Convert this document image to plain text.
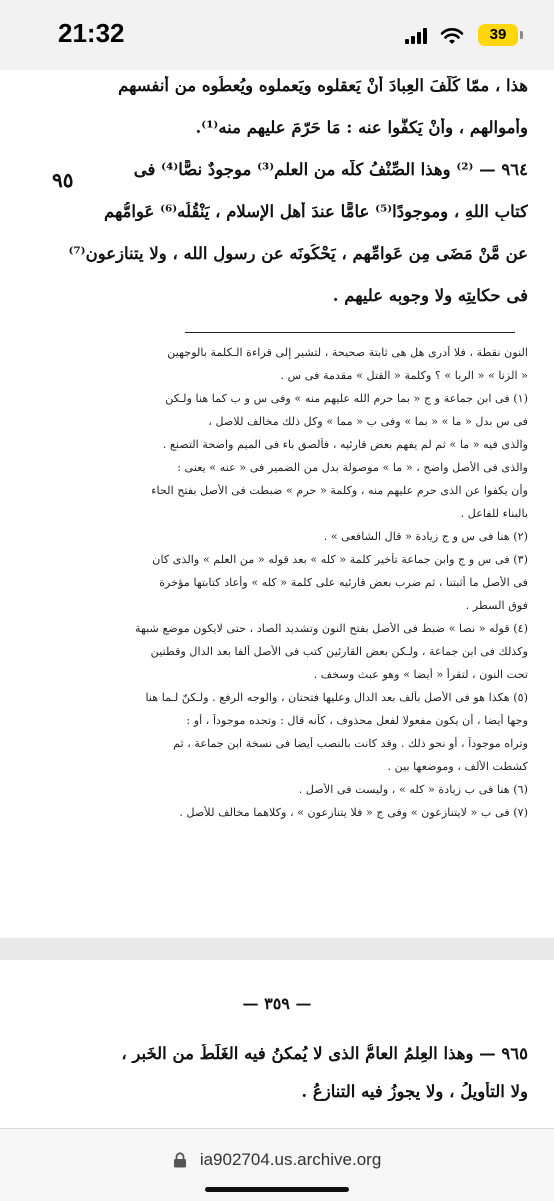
21:32	39
هذا ، ممّا كَلّفَ العِبادَ أنْ يَعقلوه ويَعملوه ويُعطُوه من أنفسهم
وأموالهم ، وأنْ يَكفُّوا عنه : مَا حَرّمَ عليهم منه⁽¹⁾.
٩٦٤ — ⁽²⁾ وهذا الصِّنْفُ كلُّه من العلم⁽³⁾ موجودٌ نصًّا⁽⁴⁾ فى
كتابِ اللهِ ، وموجودًا⁽⁵⁾ عامًّا عندَ أهلِ الإسلام ، يَنْقُلُه⁽⁶⁾ عَوامُّهم
عن مَّنْ مَضَى مِن عَوامِّهم ، يَحْكُونَه عن رسولِ الله ، ولا يتنازعون⁽⁷⁾
فى حكايتِه ولا وجوبِه عليهم .
٩٥
النون نقطة ، فلا أدرى هل هى ثابتة صحيحة ، لتشير إلى قراءة الـكلمة بالوجهين
« الزنا » « الربا » ؟ وكلمة « القتل » مقدمة فى س .
(١) فى ابن جماعة و ج « بما حرم الله عليهم منه » وفى س و ب كما هنا ولـكن
فى س بدل « ما » « بما » وفى ب « مما » وكل ذلك مخالف للاصل ،
والذى فيه « ما » ثم لم يفهم بعض قارئيه ، فألصق باء فى الميم واضحة التصنع .
والذى فى الأصل واضح ، « ما » موصولة بدل من الضمير فى « عنه » يعنى :
وأن يكفوا عن الذى حرم عليهم منه ، وكلمة « حرم » ضبطت فى الأصل بفتح الحاء
بالبناء للفاعل .
(٢) هنا فى س و ج زيادة « قال الشافعى » .
(٣) فى س و ج وابن جماعة تأخير كلمة « كله » بعد قوله « من العلم » والذى كان
فى الأصل ما أثبتنا ، ثم ضرب بعض قارئيه على كلمة « كله » وأعاد كتابتها مؤخرة
فوق السطر .
(٤) قوله « نصا » ضبط فى الأصل بفتح النون وتشديد الصاد ، حتى لايكون موضع شبهة
وكذلك فى ابن جماعة ، ولـكن بعض القارئين كتب فى الأصل ألفا بعد الدال وقطتين
تحت النون ، لتقرأ « أيضا » وهو عبث وسخف .
(٥) هكذا هو فى الأصل بألف بعد الدال وعليها فتحتان ، والوجه الرفع . ولـكنّ لـما هنا
وجها أيضا ، أن يكون مفعولا لفعل محذوف ، كأنه قال : وتجده موجوداً ، أو :
وتراه موجوداً ، أو نحو ذلك . وقد كانت بالنصب أيضا فى نسخة ابن جماعة ، ثم
كشطت الألف ، وموضعها بين .
(٦) هنا فى ب زيادة « كله » ، وليست فى الأصل .
(٧) فى ب « لايتنازعون » وفى ج « فلا يتنازعون » ، وكلاهما مخالف للأصل .
— ٣٥٩ —
٩٦٥ — وهذا العِلمُ العامُّ الذى لا يُمكنُ فيه الغَلَطُ من الخَبرِ ،
ولا التأويلُ ، ولا يجوزُ فيه التنازعُ .
ia902704.us.archive.org
